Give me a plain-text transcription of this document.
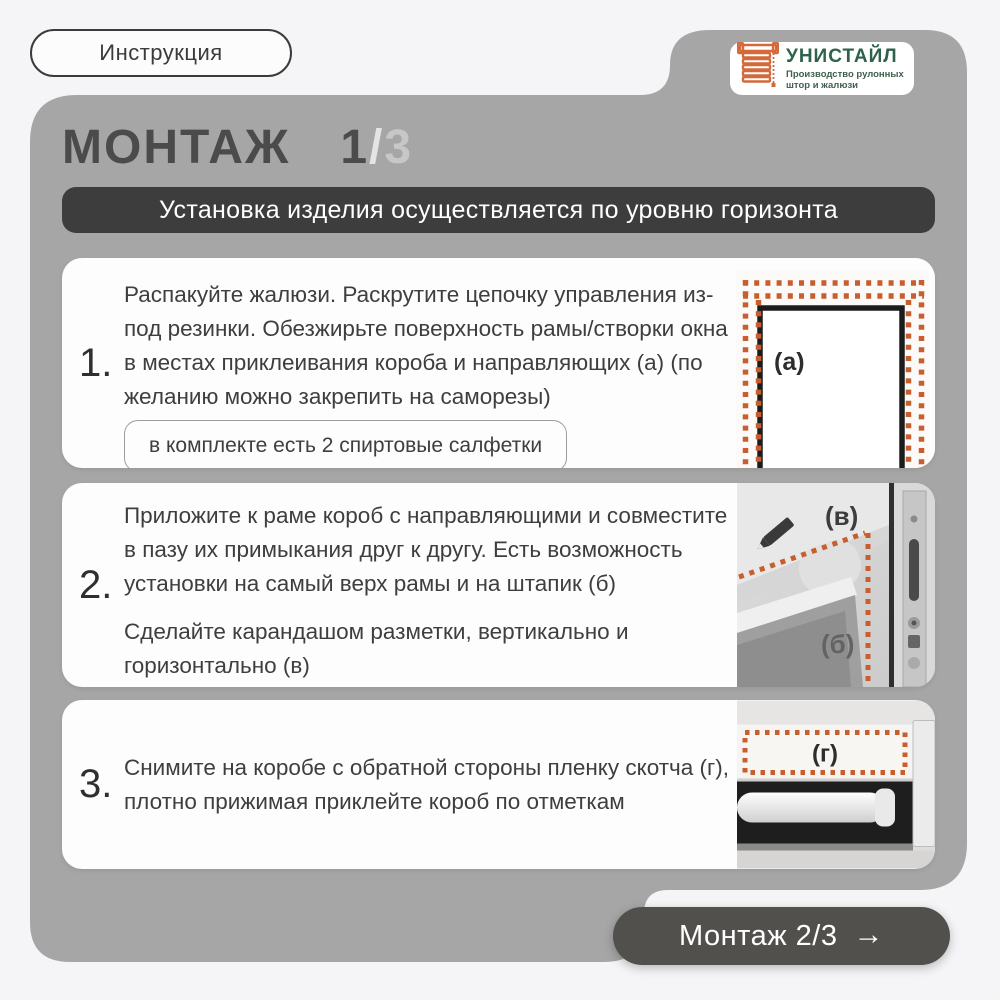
Инструкция	УНИСТАЙЛ
Производство рулонных
штор и жалюзи
МОНТАЖ 1/3
Установка изделия осуществляется по уровню горизонта
1.
Распакуйте жалюзи. Раскрутите цепочку управления из-под резинки. Обезжирьте поверхность рамы/створки окна в местах приклеивания короба и направляющих (а) (по желанию можно закрепить на саморезы)
в комплекте есть 2 спиртовые салфетки
(а)
2.
Приложите к раме короб с направляющими и совместите в пазу их примыкания друг к другу. Есть возможность установки на самый верх рамы и на штапик (б)
Сделайте карандашом разметки, вертикально и горизонтально (в)
(в)
(б)
3. Снимите на коробе с обратной стороны пленку скотча (г), плотно прижимая приклейте короб по отметкам
(г)
Монтаж 2/3 →
